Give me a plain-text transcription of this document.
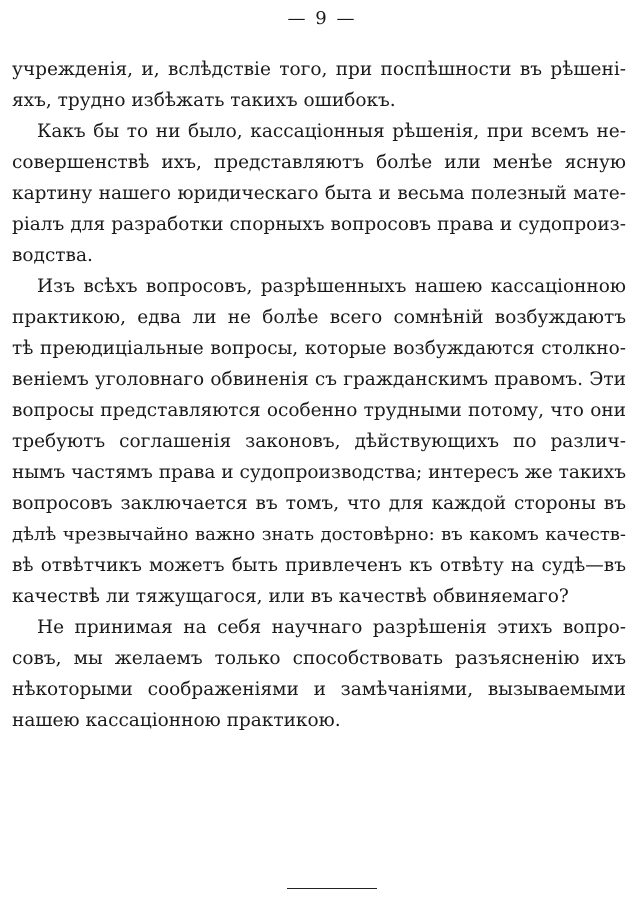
— 9 —
учрежденія, и, вслѣдствіе того, при поспѣшности въ рѣшені-
яхъ, трудно избѣжать такихъ ошибокъ.
Какъ бы то ни было, кассаціонныя рѣшенія, при всемъ не-
совершенствѣ ихъ, представляютъ болѣе или менѣе ясную
картину нашего юридическаго быта и весьма полезный мате-
ріалъ для разработки спорныхъ вопросовъ права и судопроиз-
водства.
Изъ всѣхъ вопросовъ, разрѣшенныхъ нашею кассаціонною
практикою, едва ли не болѣе всего сомнѣній возбуждаютъ
тѣ преюдиціальные вопросы, которые возбуждаются столкно-
веніемъ уголовнаго обвиненія съ гражданскимъ правомъ. Эти
вопросы представляются особенно трудными потому, что они
требуютъ соглашенія законовъ, дѣйствующихъ по различ-
нымъ частямъ права и судопроизводства; интересъ же такихъ
вопросовъ заключается въ томъ, что для каждой стороны въ
дѣлѣ чрезвычайно важно знать достовѣрно: въ какомъ качеств-
вѣ отвѣтчикъ можетъ быть привлеченъ къ отвѣту на судѣ—въ
качествѣ ли тяжущагося, или въ качествѣ обвиняемаго?
Не принимая на себя научнаго разрѣшенія этихъ вопро-
совъ, мы желаемъ только способствовать разъясненію ихъ
нѣкоторыми соображеніями и замѣчаніями, вызываемыми
нашею кассаціонною практикою.
